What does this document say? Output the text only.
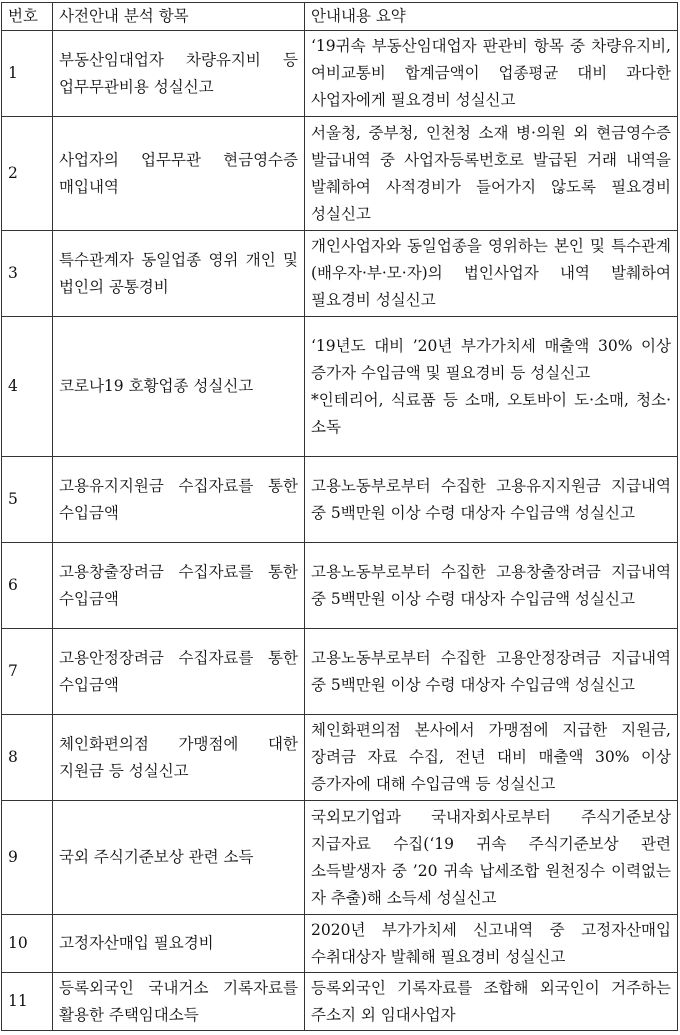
번호	사전안내 분석 항목	안내내용 요약
1	부동산임대업자 차량유지비 등 업무무관비용 성실신고	‘19귀속 부동산임대업자 판관비 항목 중 차량유지비, 여비교통비 합계금액이 업종평균 대비 과다한 사업자에게 필요경비 성실신고
2	사업자의 업무무관 현금영수증 매입내역	서울청, 중부청, 인천청 소재 병·의원 외 현금영수증 발급내역 중 사업자등록번호로 발급된 거래 내역을 발췌하여 사적경비가 들어가지 않도록 필요경비 성실신고
3	특수관계자 동일업종 영위 개인 및 법인의 공통경비	개인사업자와 동일업종을 영위하는 본인 및 특수관계(배우자·부·모·자)의 법인사업자 내역 발췌하여 필요경비 성실신고
4	코로나19 호황업종 성실신고	‘19년도 대비 ’20년 부가가치세 매출액 30% 이상 증가자 수입금액 및 필요경비 등 성실신고
*인테리어, 식료품 등 소매, 오토바이 도·소매, 청소·소독

5	고용유지지원금 수집자료를 통한 수입금액	고용노동부로부터 수집한 고용유지지원금 지급내역 중 5백만원 이상 수령 대상자 수입금액 성실신고
6	고용창출장려금 수집자료를 통한 수입금액	고용노동부로부터 수집한 고용창출장려금 지급내역 중 5백만원 이상 수령 대상자 수입금액 성실신고
7	고용안정장려금 수집자료를 통한 수입금액	고용노동부로부터 수집한 고용안정장려금 지급내역 중 5백만원 이상 수령 대상자 수입금액 성실신고
8	체인화편의점 가맹점에 대한 지원금 등 성실신고	체인화편의점 본사에서 가맹점에 지급한 지원금, 장려금 자료 수집, 전년 대비 매출액 30% 이상 증가자에 대해 수입금액 등 성실신고
9	국외 주식기준보상 관련 소득	국외모기업과 국내자회사로부터 주식기준보상 지급자료 수집(‘19 귀속 주식기준보상 관련 소득발생자 중 ’20 귀속 납세조합 원천징수 이력없는 자 추출)해 소득세 성실신고
10	고정자산매입 필요경비	2020년 부가가치세 신고내역 중 고정자산매입 수취대상자 발췌해 필요경비 성실신고
11	등록외국인 국내거소 기록자료를 활용한 주택임대소득	등록외국인 기록자료를 조합해 외국인이 거주하는 주소지 외 임대사업자
